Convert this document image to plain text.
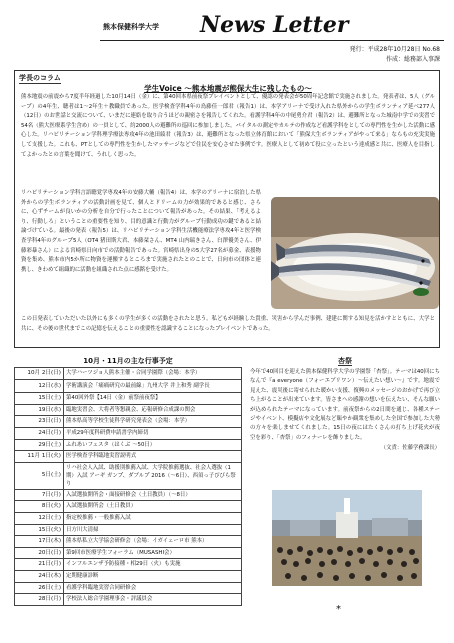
熊本保健科学大学 News Letter
発行：平成28年10月28日 No.68
作成：総務部入事課
学長のコラム
学生Voice ～熊本地震が熊保大生に残したもの～

熊本地震の前震から7度半年経過した10月14日（金）に、第40回本県前夜祭プレイベントとして、優認の発表会が50周年記念館で実施されました。発表者は、5人（グループ）の4年生、聴者は1～2年生＋教職員であった。医学検査学科4年の鳥藤佳一郎君（報告1）は、本学アリーナで受け入れた県外からの学生ボランティア延べ277人（12日）のお世話と交流について、いまだに連絡を取り合うほどの親密さを報告してくれた。看護学科4年の中尾勇介君（報告2）は、避難所となった城南中学での実習で54名（熊大医療系学生含め）の一員として、約2000人の避難所の巡回に参加しました。バイタルの測定やカルテの作成など看護学科をとしての専門性を生かした活動に感心した。リハビリテーション学科理学療法専攻4年の池田綾君（報告3）は、避難所となった県立体育館において「熊保大生ボランティアがやって来る」ならもの充実実施して支援した。これも、PTとしての専門性を生かしたマッサージなどで住民を安心させた事例です。医療人として初めて役に立ったという達成感と共に、医療人を目指してよかったとの言葉を聞けて、うれしく思った。

リハビリテーション学科言語聴覚学専攻4年の安藤大輔（報告4）は、本学のアリーナに宿泊した県外からの学生ボランティアの活動計画を見て、個人とドリームの力が効果的であると感じ、さらに、心ずチームが良いかの分析を自分で行ったことについて報告があった。その結果、「考えるより、行動しろ」ということの重要性を知り、目的意識と行動力がグループ行動成功の鍵であると結論づけている。最後の発表（報告5）は、リハビリテーション学科生活機能療法学専攻4年と医学検査学科4年のグループ5人（OT4 猪田斯大君、本藤栞さん、MT4 山内瑞きさん、臼澤優美さん、伊藤彩暴さん）による宮崎県日向市での活動報告であった。宮崎県出身の5大学27名が募金、表援物資を集め、熊本市内5か所に物資を運搬するところまで実施されたとのことで、日向市の団体と連携し、きわめて組織的に活動を組織された点に感銘を受けた。

この日発表していただいた以外にも多くの学生が多くの活動をされたと思う。私どもが経験した貴重、災害から学んだ事例、建建に関する知見を活かすとともに、大学と共に、その後の世代までこの記憶を伝えることの重要性を認識することになったプレイベントであった。

10月・11月の主な行事予定
10月 2日(日)	大学ハーツジョ人熊本主催・合同学園際（会場：本学）
12日(水)	学術講演会「痛痛研究の最前線」九州大学 井上和秀 副学長
15日(土)	第40回外祭【14日（金）前祭前夜祭】
19日(水)	臨地実習会、大将者等懇親会、応報研修合成課の関会
23日(日)	熊本県高等学校生徒科学研究発表会（会場：本学）
24日(月)	平成29年度科研費申請書学内締切
29日(土)	ふれあいフェスタ（はくぶ ～50日）
11月 1日(火)	医学検査学科臨地実習説明式
5日(土)	リハ社会人入試、助援別推薦入試、大学院推薦選抜、社会人選抜（1期）入試 アーギ ガンプ、ダブルプ 2016（～6日）、西須っ子ぴびら祭り
7日(月)	入試選抜開所会・面接研修会（土日教員）（～8日）
8日(火)	入試選抜開所会（土日教員）
12日(土)	指定校推薦・一般推薦入試
15日(火)	日方川大清掃
17日(木)	熊本県私立大学協会研修会（会場：イガイェーロ市 熊本）
20日(日)	第9回市医療学生フォーラム（MUSASHI会）
21日(月)	インフルエンザ予防接種・相29日（火）も実施
24日(木)	定期健康診断
26日(土)	看護学科臨地実習合同研修会
28日(月)	学校法人総合学園理事会・評議員会
杏祭

今年で40回目を迎えた熊本保健科学大学の学園祭「杏祭」。テーマは40回にちなんで『a everyone（フォーエブリワン）～伝えたい想い～』です。地震で見えた、震災後に寄せられた暖かい支援、復興のメッセージのおかげで再び立ち上がることが出来ています。皆さまへの感謝の想いを伝えたい、そんな願いが込められたテーマになっています。前夜祭からの2日間を通じ、各種ステージやイベント、模擬店や文化展など賑やか観衆を集めした全国で参加した大勢の方々を楽しませてくれました。15日の夜にはたくさんの打ち上げ花火が夜空を彩り、「杏祭」のフィナーレを飾りました。

（文責：佐藤学務課長）
*
